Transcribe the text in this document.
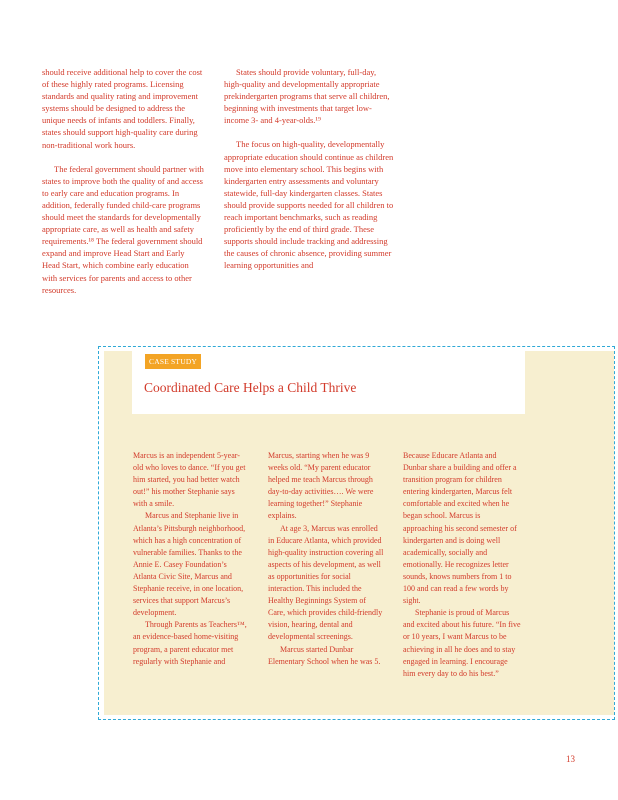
should receive additional help to cover the cost of these highly rated programs. Licensing standards and quality rating and improvement systems should be designed to address the unique needs of infants and toddlers. Finally, states should support high-quality care during non-traditional work hours.

The federal government should partner with states to improve both the quality of and access to early care and education programs. In addition, federally funded child-care programs should meet the standards for developmentally appropriate care, as well as health and safety requirements.¹⁸ The federal government should expand and improve Head Start and Early Head Start, which combine early education with services for parents and access to other resources.

States should provide voluntary, full-day, high-quality and developmentally appropriate prekindergarten programs that serve all children, beginning with investments that target low-income 3- and 4-year-olds.¹⁹

The focus on high-quality, developmentally appropriate education should continue as children move into elementary school. This begins with kindergarten entry assessments and voluntary statewide, full-day kindergarten classes. States should provide supports needed for all children to reach important benchmarks, such as reading proficiently by the end of third grade. These supports should include tracking and addressing the causes of chronic absence, providing summer learning opportunities and

CASE STUDY
Coordinated Care Helps a Child Thrive

Marcus is an independent 5-year-old who loves to dance. “If you get him started, you had better watch out!” his mother Stephanie says with a smile.

Marcus and Stephanie live in Atlanta’s Pittsburgh neighborhood, which has a high concentration of vulnerable families. Thanks to the Annie E. Casey Foundation’s Atlanta Civic Site, Marcus and Stephanie receive, in one location, services that support Marcus’s development.

Through Parents as Teachers™, an evidence-based home-visiting program, a parent educator met regularly with Stephanie and

Marcus, starting when he was 9 weeks old. “My parent educator helped me teach Marcus through day-to-day activities…. We were learning together!” Stephanie explains.

At age 3, Marcus was enrolled in Educare Atlanta, which provided high-quality instruction covering all aspects of his development, as well as opportunities for social interaction. This included the Healthy Beginnings System of Care, which provides child-friendly vision, hearing, dental and developmental screenings.

Marcus started Dunbar Elementary School when he was 5.

Because Educare Atlanta and Dunbar share a building and offer a transition program for children entering kindergarten, Marcus felt comfortable and excited when he began school. Marcus is approaching his second semester of kindergarten and is doing well academically, socially and emotionally. He recognizes letter sounds, knows numbers from 1 to 100 and can read a few words by sight.

Stephanie is proud of Marcus and excited about his future. “In five or 10 years, I want Marcus to be achieving in all he does and to stay engaged in learning. I encourage him every day to do his best.”

13
